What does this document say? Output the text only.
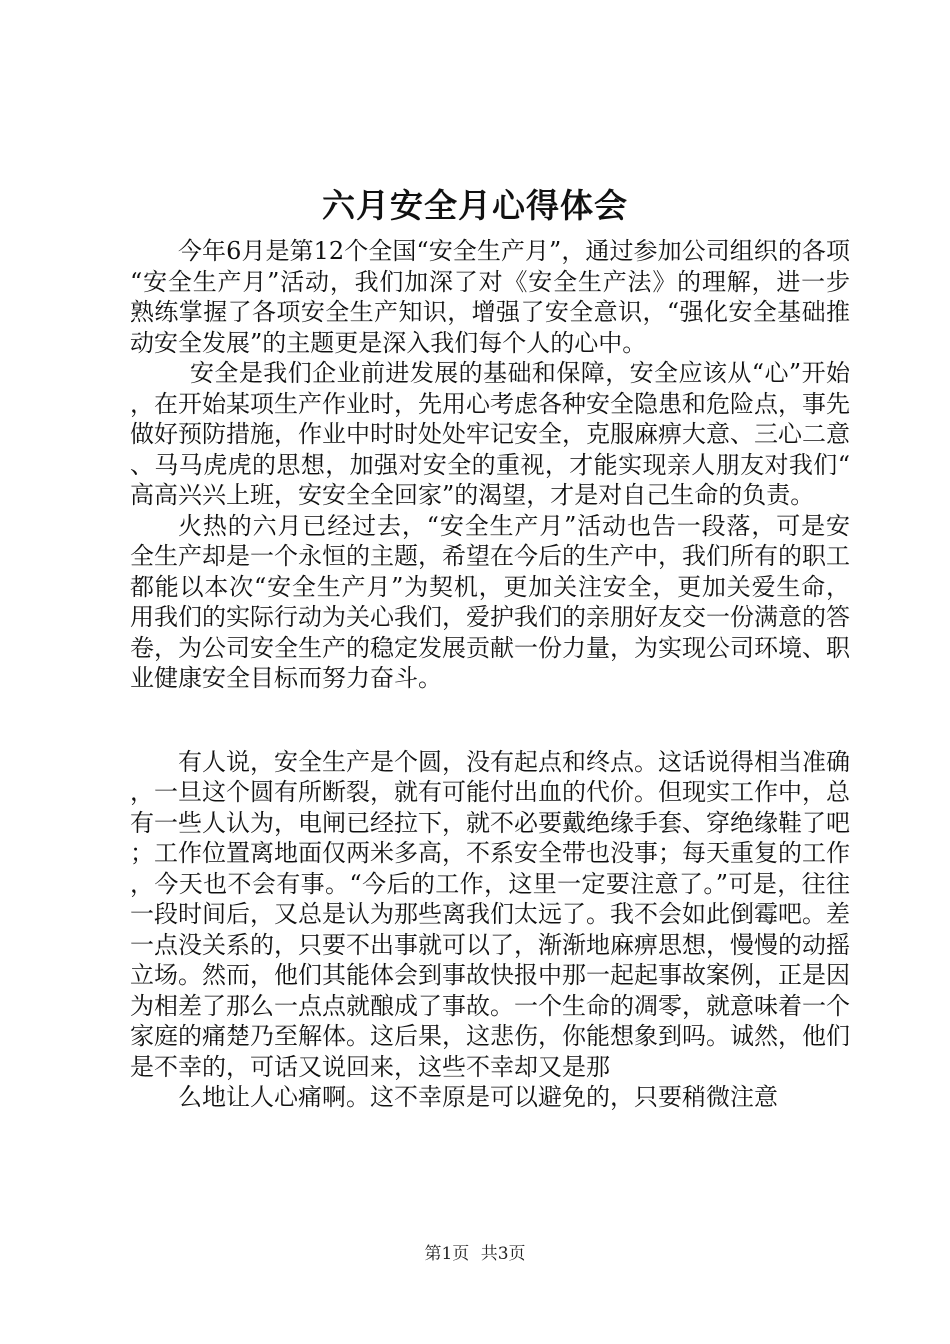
六月安全月心得体会

今年6月是第12个全国“安全生产月”，通过参加公司组织的各项“安全生产月”活动，我们加深了对《安全生产法》的理解，进一步熟练掌握了各项安全生产知识，增强了安全意识，“强化安全基础推动安全发展”的主题更是深入我们每个人的心中。

安全是我们企业前进发展的基础和保障，安全应该从“心”开始，在开始某项生产作业时，先用心考虑各种安全隐患和危险点，事先做好预防措施，作业中时时处处牢记安全，克服麻痹大意、三心二意、马马虎虎的思想，加强对安全的重视，才能实现亲人朋友对我们“高高兴兴上班，安安全全回家”的渴望，才是对自己生命的负责。

火热的六月已经过去，“安全生产月”活动也告一段落，可是安全生产却是一个永恒的主题，希望在今后的生产中，我们所有的职工都能以本次“安全生产月”为契机，更加关注安全，更加关爱生命，用我们的实际行动为关心我们，爱护我们的亲朋好友交一份满意的答卷，为公司安全生产的稳定发展贡献一份力量，为实现公司环境、职业健康安全目标而努力奋斗。

有人说，安全生产是个圆，没有起点和终点。这话说得相当准确，一旦这个圆有所断裂，就有可能付出血的代价。但现实工作中，总有一些人认为，电闸已经拉下，就不必要戴绝缘手套、穿绝缘鞋了吧；工作位置离地面仅两米多高，不系安全带也没事；每天重复的工作，今天也不会有事。“今后的工作，这里一定要注意了。”可是，往往一段时间后，又总是认为那些离我们太远了。我不会如此倒霉吧。差一点没关系的，只要不出事就可以了，渐渐地麻痹思想，慢慢的动摇立场。然而，他们其能体会到事故快报中那一起起事故案例，正是因为相差了那么一点点就酿成了事故。一个生命的凋零，就意味着一个家庭的痛楚乃至解体。这后果，这悲伤，你能想象到吗。诚然，他们是不幸的，可话又说回来，这些不幸却又是那

么地让人心痛啊。这不幸原是可以避免的，只要稍微注意

第1页 共3页
